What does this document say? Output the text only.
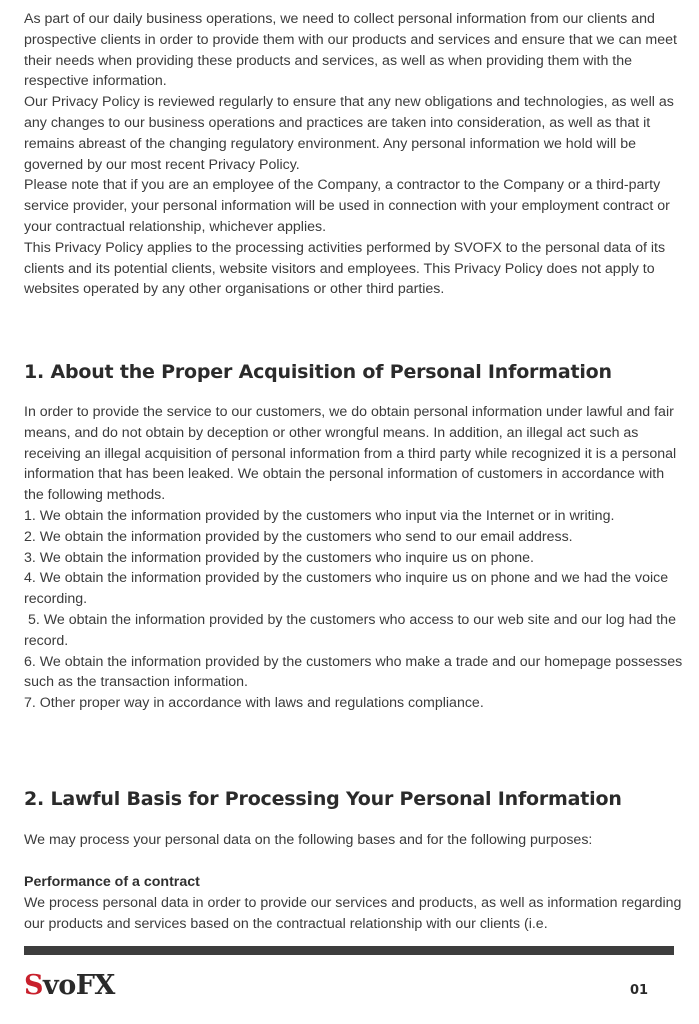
As part of our daily business operations, we need to collect personal information from our clients and prospective clients in order to provide them with our products and services and ensure that we can meet their needs when providing these products and services, as well as when providing them with the respective information.

Our Privacy Policy is reviewed regularly to ensure that any new obligations and technologies, as well as any changes to our business operations and practices are taken into consideration, as well as that it remains abreast of the changing regulatory environment. Any personal information we hold will be governed by our most recent Privacy Policy.

Please note that if you are an employee of the Company, a contractor to the Company or a third-party service provider, your personal information will be used in connection with your employment contract or your contractual relationship, whichever applies.

This Privacy Policy applies to the processing activities performed by SVOFX to the personal data of its clients and its potential clients, website visitors and employees. This Privacy Policy does not apply to websites operated by any other organisations or other third parties.

1. About the Proper Acquisition of Personal Information

In order to provide the service to our customers, we do obtain personal information under lawful and fair means, and do not obtain by deception or other wrongful means. In addition, an illegal act such as receiving an illegal acquisition of personal information from a third party while recognized it is a personal information that has been leaked. We obtain the personal information of customers in accordance with the following methods.

1. We obtain the information provided by the customers who input via the Internet or in writing.

2. We obtain the information provided by the customers who send to our email address.

3. We obtain the information provided by the customers who inquire us on phone.

4. We obtain the information provided by the customers who inquire us on phone and we had the voice recording.

5. We obtain the information provided by the customers who access to our web site and our log had the record.

6. We obtain the information provided by the customers who make a trade and our homepage possesses such as the transaction information.

7. Other proper way in accordance with laws and regulations compliance.

2. Lawful Basis for Processing Your Personal Information

We may process your personal data on the following bases and for the following purposes:

Performance of a contract

We process personal data in order to provide our services and products, as well as information regarding our products and services based on the contractual relationship with our clients (i.e.

SvoFX	01
